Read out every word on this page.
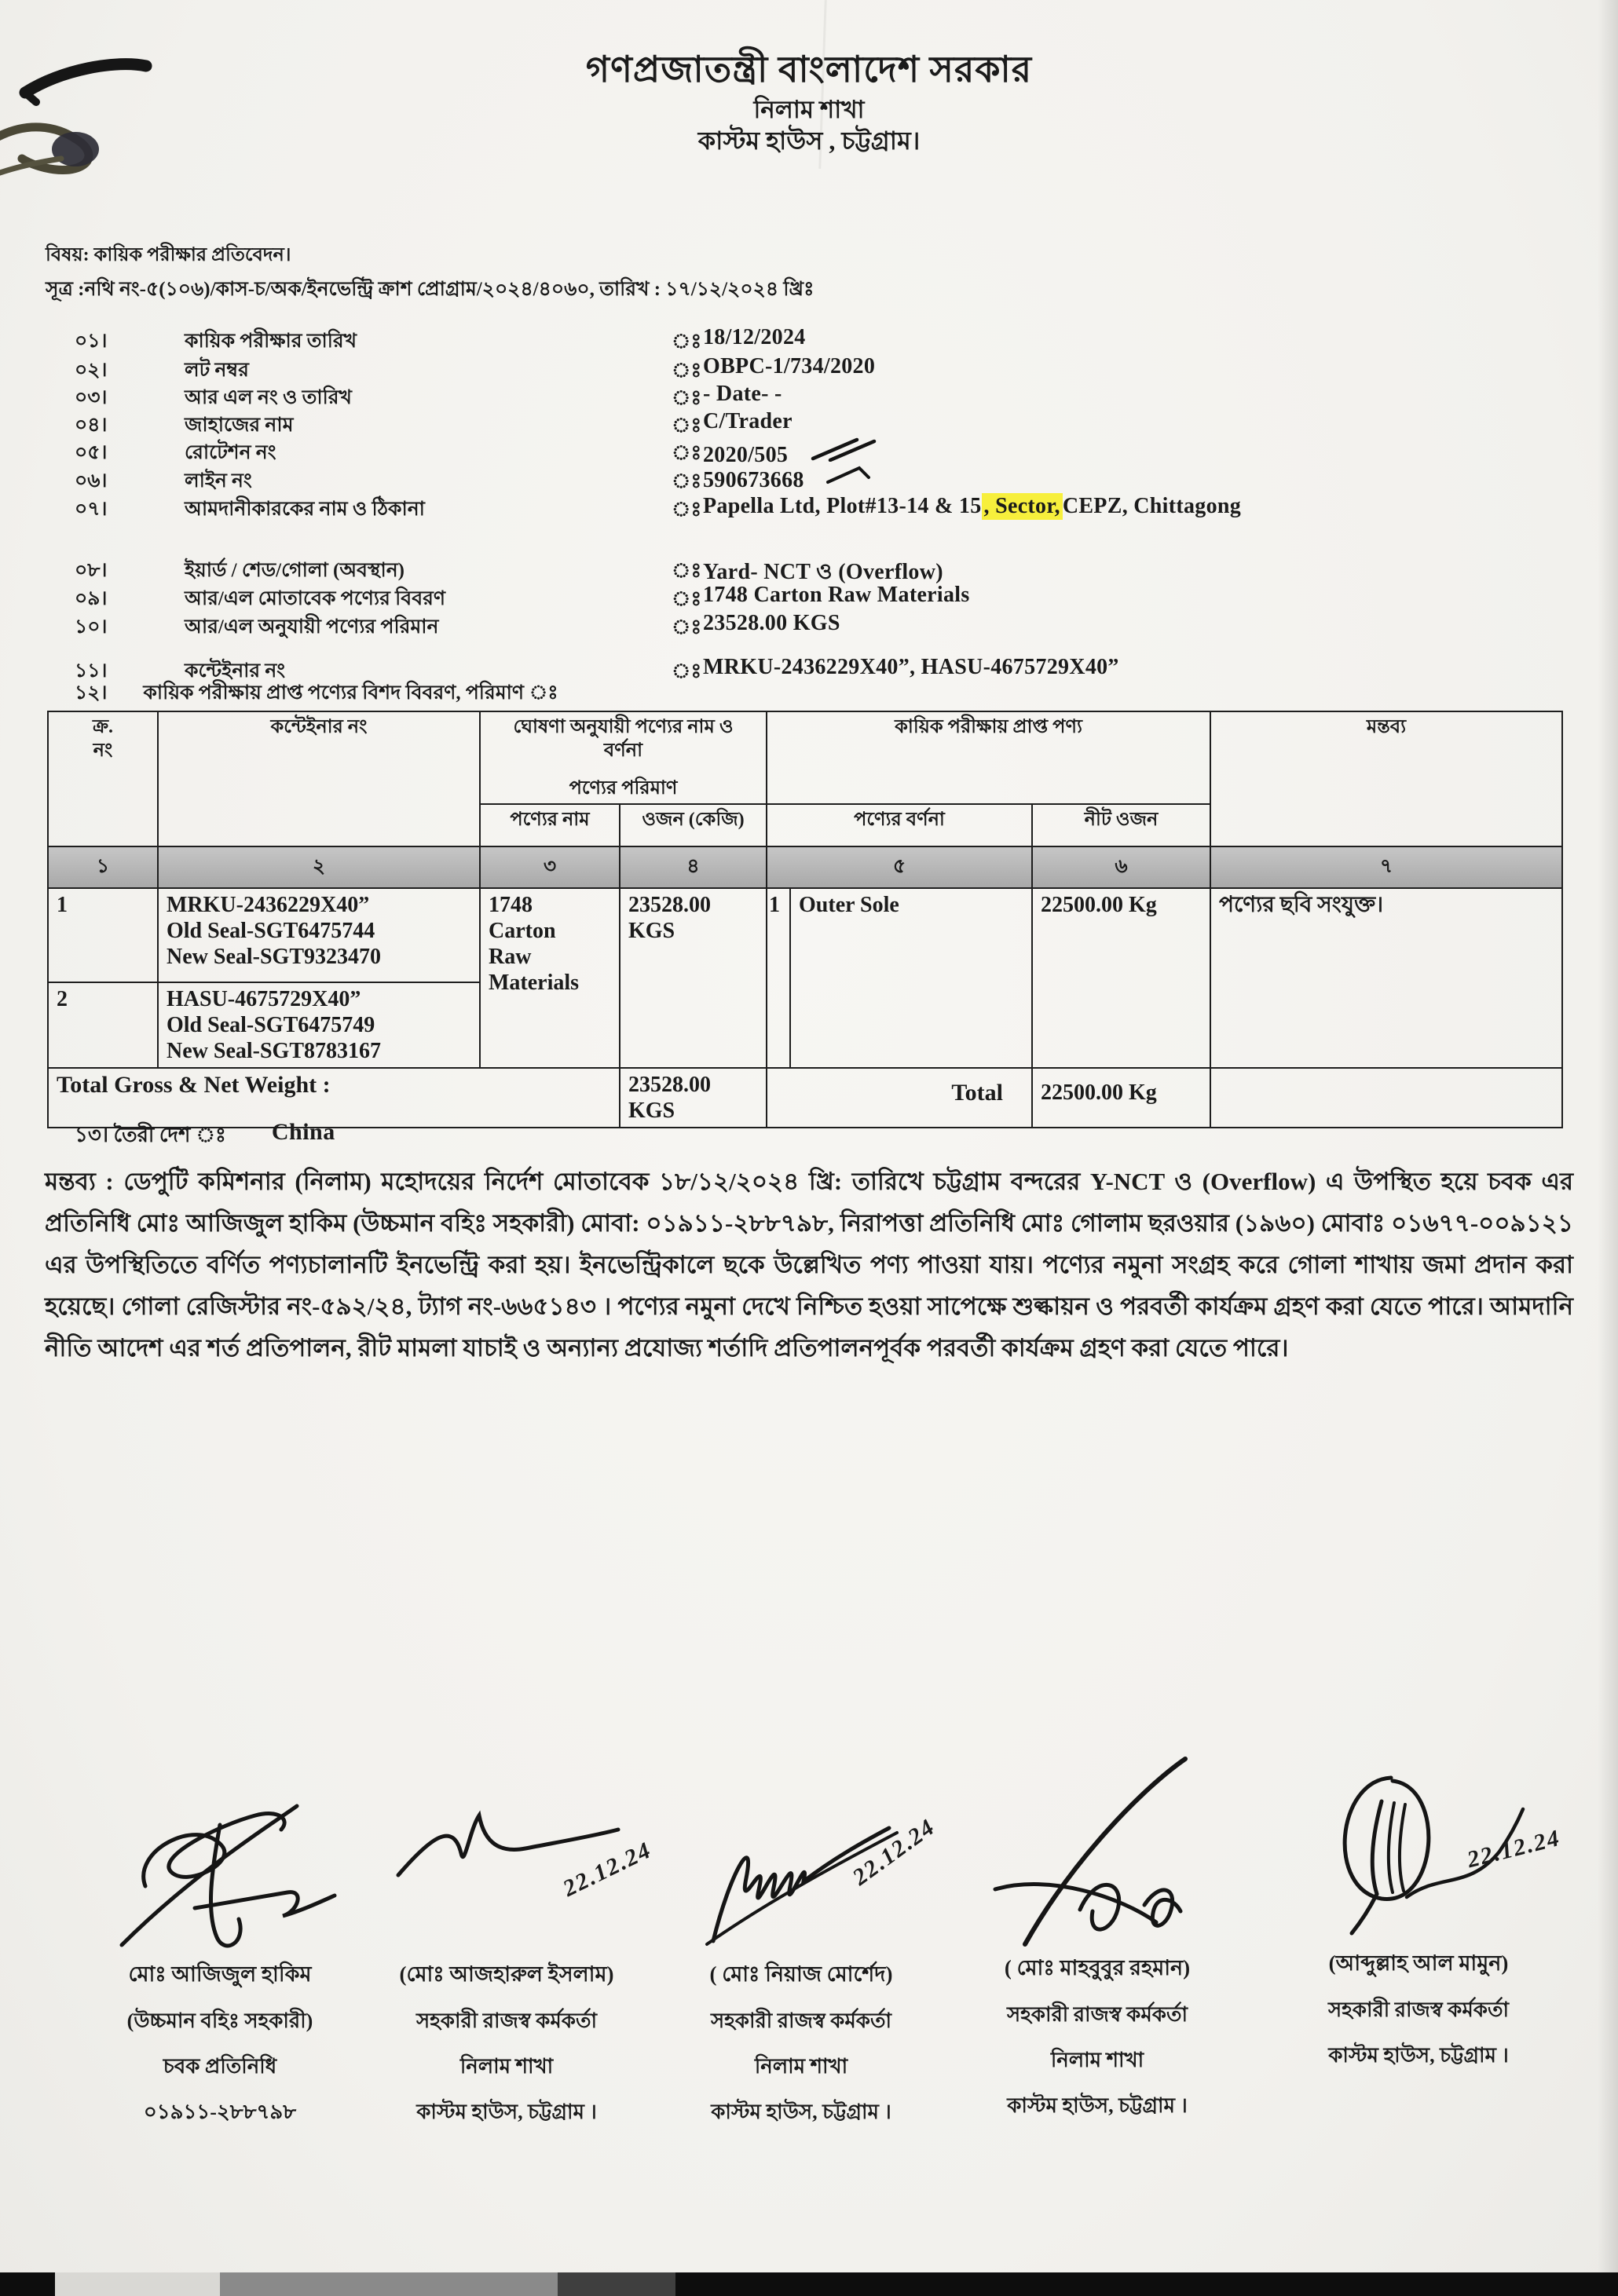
গণপ্রজাতন্ত্রী বাংলাদেশ সরকার
নিলাম শাখা
কাস্টম হাউস , চট্টগ্রাম।
বিষয়: কায়িক পরীক্ষার প্রতিবেদন।
সূত্র :নথি নং-৫(১০৬)/কাস-চ/অক/ইনভেন্ট্রি ক্রাশ প্রোগ্রাম/২০২৪/৪০৬০, তারিখ : ১৭/১২/২০২৪ খ্রিঃ
০১।	কায়িক পরীক্ষার তারিখ	ঃ 18/12/2024
০২।	লট নম্বর	ঃ OBPC-1/734/2020
০৩।	আর এল নং ও তারিখ	ঃ - Date- -
০৪।	জাহাজের নাম	ঃ C/Trader
০৫।	রোটেশন নং	ঃ 2020/505
০৬।	লাইন নং	ঃ 590673668
০৭।	আমদানীকারকের নাম ও ঠিকানা	ঃ Papella Ltd, Plot#13-14 & 15 , Sector, CEPZ, Chittagong
০৮।	ইয়ার্ড / শেড/গোলা (অবস্থান)	ঃ Yard- NCT ও (Overflow)
০৯।	আর/এল মোতাবেক পণ্যের বিবরণ	ঃ 1748 Carton Raw Materials
১০।	আর/এল অনুযায়ী পণ্যের পরিমান	ঃ 23528.00 KGS
১১।	কন্টেইনার নং	ঃ MRKU-2436229X40”, HASU-4675729X40”
১২। কায়িক পরীক্ষায় প্রাপ্ত পণ্যের বিশদ বিবরণ, পরিমাণ ঃ
ক্র.
নং
	কন্টেইনার নং	ঘোষণা অনুযায়ী পণ্যের নাম ও
বর্ণনা
পণ্যের পরিমাণ
	কায়িক পরীক্ষায় প্রাপ্ত পণ্য	মন্তব্য
		পণ্যের নাম	ওজন (কেজি)	পণ্যের বর্ণনা		নীট ওজন	
১	২	৩	৪	৫		৬	৭
1	MRKU-2436229X40”
Old Seal-SGT6475744
New Seal-SGT9323470	1748 Carton Raw Materials	23528.00 KGS	1	Outer Sole	22500.00 Kg	পণ্যের ছবি সংযুক্ত।
2	HASU-4675729X40”
Old Seal-SGT6475749
New Seal-SGT8783167						

Total Gross & Net Weight :			23528.00 KGS	Total		22500.00 Kg	
১৩। তৈরী দেশ ঃ China
মন্তব্য : ডেপুটি কমিশনার (নিলাম) মহোদয়ের নির্দেশ মোতাবেক ১৮/১২/২০২৪ খ্রি: তারিখে চট্টগ্রাম বন্দরের Y-NCT ও (Overflow) এ উপস্থিত হয়ে চবক এর প্রতিনিধি মোঃ আজিজুল হাকিম (উচ্চমান বহিঃ সহকারী) মোবা: ০১৯১১-২৮৮৭৯৮, নিরাপত্তা প্রতিনিধি মোঃ গোলাম ছরওয়ার (১৯৬০) মোবাঃ ০১৬৭৭-০০৯১২১ এর উপস্থিতিতে বর্ণিত পণ্যচালানটি ইনভেন্ট্রি করা হয়। ইনভেন্ট্রিকালে ছকে উল্লেখিত পণ্য পাওয়া যায়। পণ্যের নমুনা সংগ্রহ করে গোলা শাখায় জমা প্রদান করা হয়েছে। গোলা রেজিস্টার নং-৫৯২/২৪, ট্যাগ নং-৬৬৫১৪৩ । পণ্যের নমুনা দেখে নিশ্চিত হওয়া সাপেক্ষে শুল্কায়ন ও পরবর্তী কার্যক্রম গ্রহণ করা যেতে পারে। আমদানি নীতি আদেশ এর শর্ত প্রতিপালন, রীট মামলা যাচাই ও অন্যান্য প্রযোজ্য শর্তাদি প্রতিপালনপূর্বক পরবর্তী কার্যক্রম গ্রহণ করা যেতে পারে।
মোঃ আজিজুল হাকিম
(উচ্চমান বহিঃ সহকারী)
চবক প্রতিনিধি
০১৯১১-২৮৮৭৯৮
22.12.24
(মোঃ আজহারুল ইসলাম)
সহকারী রাজস্ব কর্মকর্তা
নিলাম শাখা
কাস্টম হাউস, চট্টগ্রাম ।
22.12.24
( মোঃ নিয়াজ মোর্শেদ)
সহকারী রাজস্ব কর্মকর্তা
নিলাম শাখা
কাস্টম হাউস, চট্টগ্রাম ।
( মোঃ মাহবুবুর রহমান)
সহকারী রাজস্ব কর্মকর্তা
নিলাম শাখা
কাস্টম হাউস, চট্টগ্রাম ।
22.12.24
(আব্দুল্লাহ আল মামুন)
সহকারী রাজস্ব কর্মকর্তা
কাস্টম হাউস, চট্টগ্রাম ।
